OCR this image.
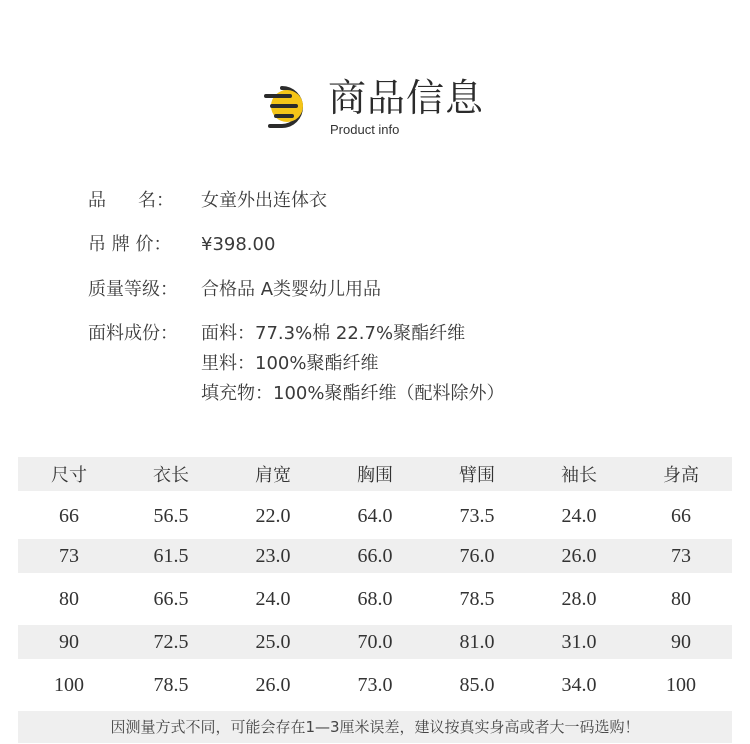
商品信息
Product info
品 名： 女童外出连体衣
吊 牌 价：	¥398.00
质量等级：	合格品 A类婴幼儿用品
面料成份：	面料：77.3%棉 22.7%聚酯纤维
里料：100%聚酯纤维
填充物：100%聚酯纤维（配料除外）
尺寸	衣长	肩宽	胸围	臂围	袖长	身高
66	56.5	22.0	64.0	73.5	24.0	66
73	61.5	23.0	66.0	76.0	26.0	73
80	66.5	24.0	68.0	78.5	28.0	80
90	72.5	25.0	70.0	81.0	31.0	90
100	78.5	26.0	73.0	85.0	34.0	100
因测量方式不同，可能会存在1—3厘米误差，建议按真实身高或者大一码选购！
